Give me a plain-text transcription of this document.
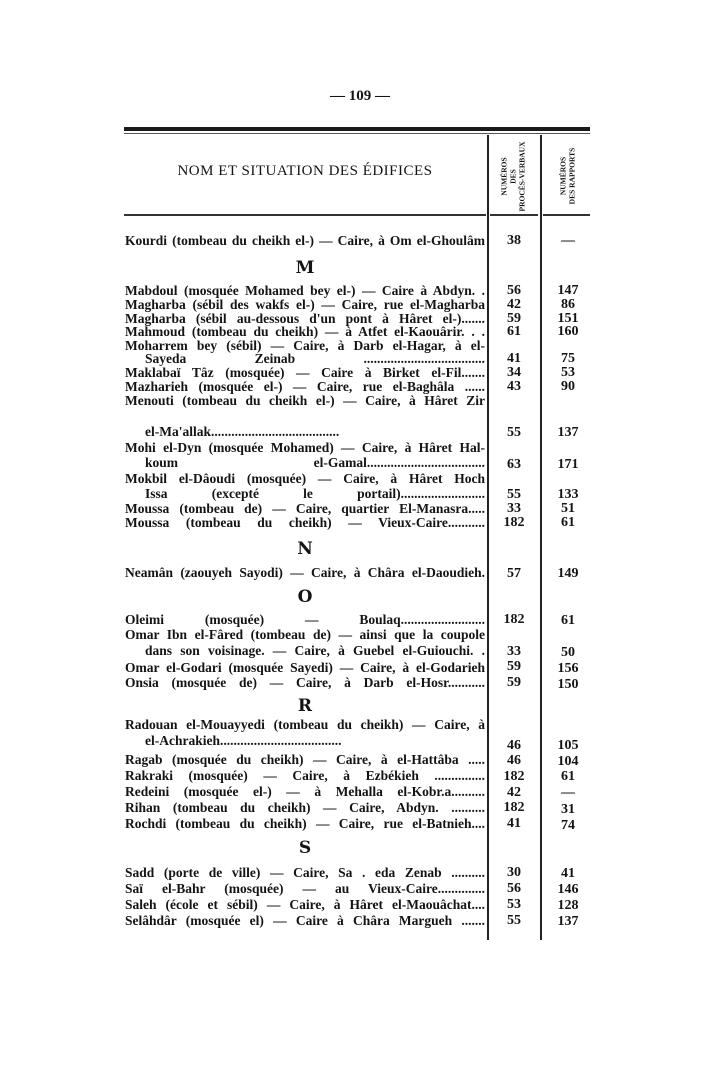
— 109 —
NOM ET SITUATION DES ÉDIFICES	NUMÉROS DES PROCÈS-VERBAUX	NUMÉROS DES RAPPORTS
Kourdi (tombeau du cheikh el-) — Caire, à Om el-Ghoulâm	38	—
M
Mabdoul (mosquée Mohamed bey el-) — Caire à Abdyn. .	56	147
Magharba (sébil des wakfs el-) — Caire, rue el-Magharba	42	86
Magharba (sébil au-dessous d'un pont à Hâret el-).......	59	151
Mahmoud (tombeau du cheikh) — à Atfet el-Kaouârir. . .	61	160
Moharrem bey (sébil) — Caire, à Darb el-Hagar, à el-
Sayeda Zeinab ....................................	41	75
Maklabaï Tâz (mosquée) — Caire à Birket el-Fil.......	34	53
Mazharieh (mosquée el-) — Caire, rue el-Baghâla ......	43	90
Menouti (tombeau du cheikh el-) — Caire, à Hâret Zir
el-Ma'allak......................................	55	137
Mohi el-Dyn (mosquée Mohamed) — Caire, à Hâret Hal-
koum el-Gamal...................................	63	171
Mokbil el-Dâoudi (mosquée) — Caire, à Hâret Hoch
Issa (excepté le portail).........................	55	133
Moussa (tombeau de) — Caire, quartier El-Manasra.....	33	51
Moussa (tombeau du cheikh) — Vieux-Caire...........	182	61
N
Neamân (zaouyeh Sayodi) — Caire, à Châra el-Daoudieh.	57	149
O
Oleimi (mosquée) — Boulaq.........................	182	61
Omar Ibn el-Fâred (tombeau de) — ainsi que la coupole
dans son voisinage. — Caire, à Guebel el-Guiouchi. .	33	50
Omar el-Godari (mosquée Sayedi) — Caire, à el-Godarieh	59	156
Onsia (mosquée de) — Caire, à Darb el-Hosr...........	59	150
R
Radouan el-Mouayyedi (tombeau du cheikh) — Caire, à
el-Achrakieh....................................	46	105
Ragab (mosquée du cheikh) — Caire, à el-Hattâba .....	46	104
Rakraki (mosquée) — Caire, à Ezbékieh ...............	182	61
Redeini (mosquée el-) — à Mehalla el-Kobr.a..........	42	—
Rihan (tombeau du cheikh) — Caire, Abdyn. ..........	182	31
Rochdi (tombeau du cheikh) — Caire, rue el-Batnieh....	41	74
S
Sadd (porte de ville) — Caire, Sa . eda Zenab ..........	30	41
Saï el-Bahr (mosquée) — au Vieux-Caire..............	56	146
Saleh (école et sébil) — Caire, à Hâret el-Maouâchat....	53	128
Selâhdâr (mosquée el) — Caire à Châra Margueh .......	55	137
